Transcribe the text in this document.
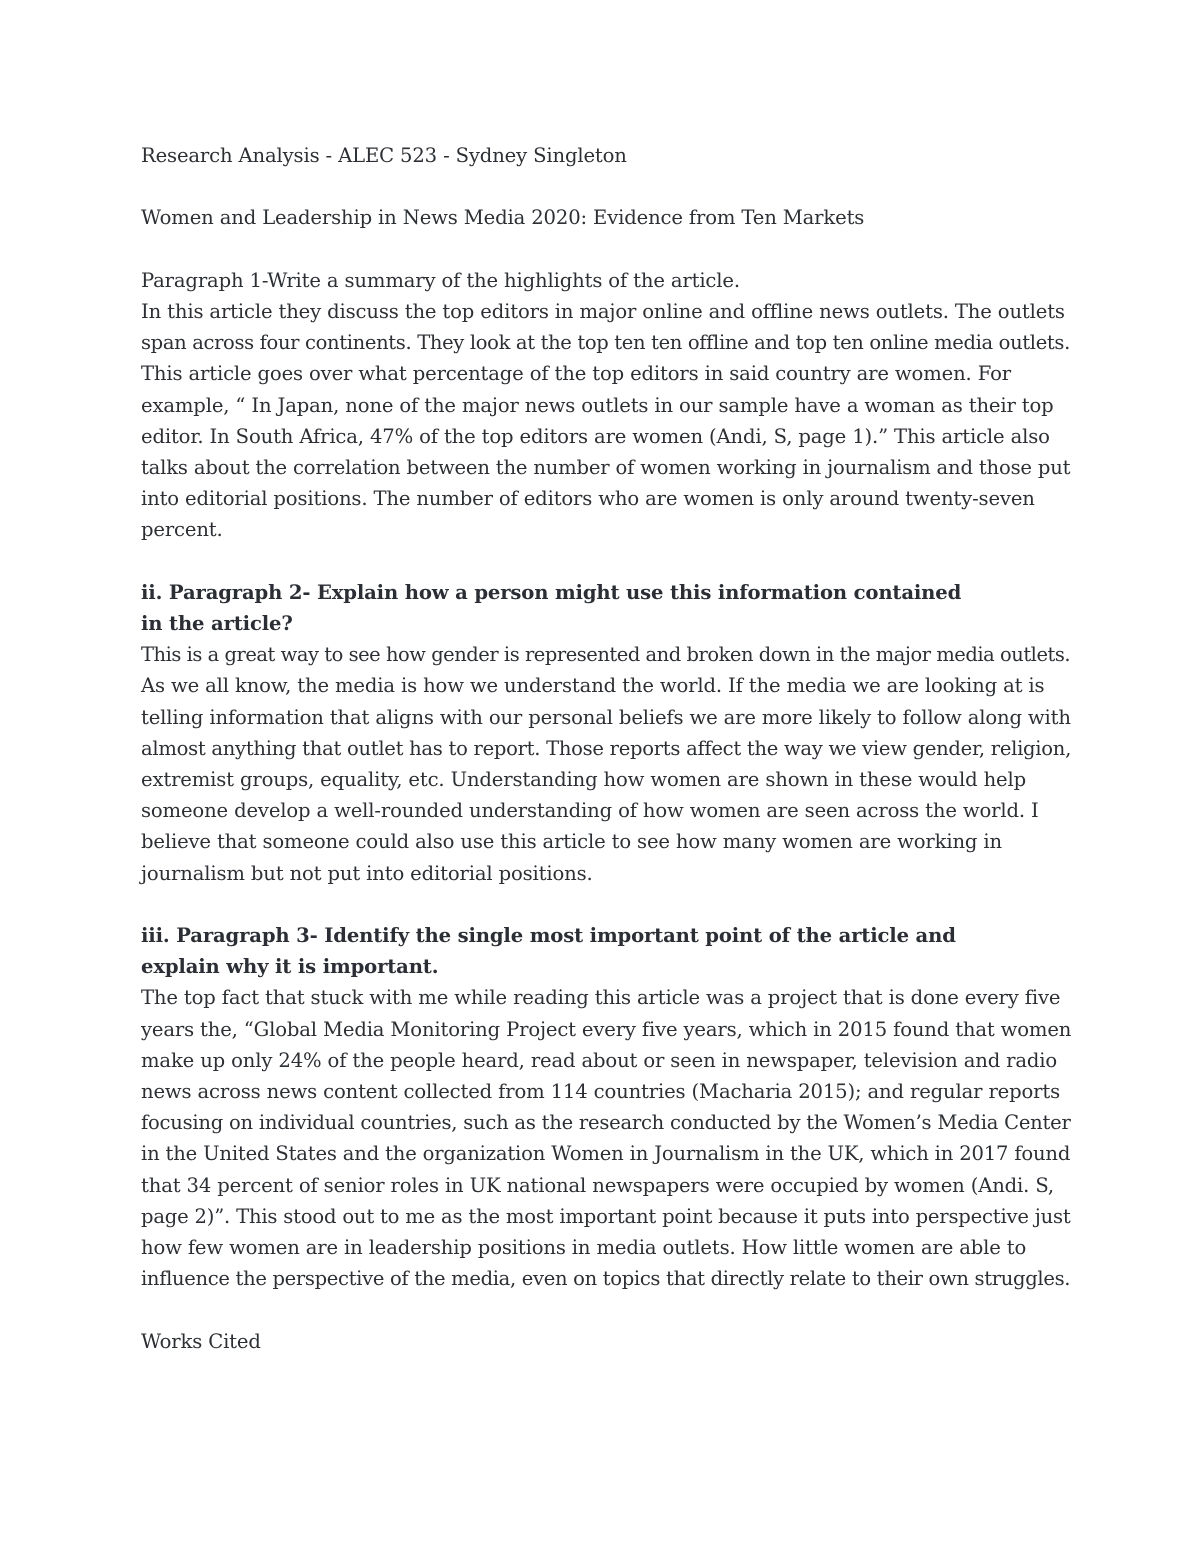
Research Analysis - ALEC 523 - Sydney Singleton

Women and Leadership in News Media 2020: Evidence from Ten Markets

Paragraph 1-Write a summary of the highlights of the article.

In this article they discuss the top editors in major online and offline news outlets. The outlets
span across four continents. They look at the top ten ten offline and top ten online media outlets.
This article goes over what percentage of the top editors in said country are women. For
example, “ In Japan, none of the major news outlets in our sample have a woman as their top
editor. In South Africa, 47% of the top editors are women (Andi, S, page 1).” This article also
talks about the correlation between the number of women working in journalism and those put
into editorial positions. The number of editors who are women is only around twenty-seven
percent.

ii. Paragraph 2- Explain how a person might use this information contained
in the article?

This is a great way to see how gender is represented and broken down in the major media outlets.
As we all know, the media is how we understand the world. If the media we are looking at is
telling information that aligns with our personal beliefs we are more likely to follow along with
almost anything that outlet has to report. Those reports affect the way we view gender, religion,
extremist groups, equality, etc. Understanding how women are shown in these would help
someone develop a well-rounded understanding of how women are seen across the world. I
believe that someone could also use this article to see how many women are working in
journalism but not put into editorial positions.

iii. Paragraph 3- Identify the single most important point of the article and
explain why it is important.

The top fact that stuck with me while reading this article was a project that is done every five
years the, “Global Media Monitoring Project every five years, which in 2015 found that women
make up only 24% of the people heard, read about or seen in newspaper, television and radio
news across news content collected from 114 countries (Macharia 2015); and regular reports
focusing on individual countries, such as the research conducted by the Women’s Media Center
in the United States and the organization Women in Journalism in the UK, which in 2017 found
that 34 percent of senior roles in UK national newspapers were occupied by women (Andi. S,
page 2)”. This stood out to me as the most important point because it puts into perspective just
how few women are in leadership positions in media outlets. How little women are able to
influence the perspective of the media, even on topics that directly relate to their own struggles.

Works Cited
